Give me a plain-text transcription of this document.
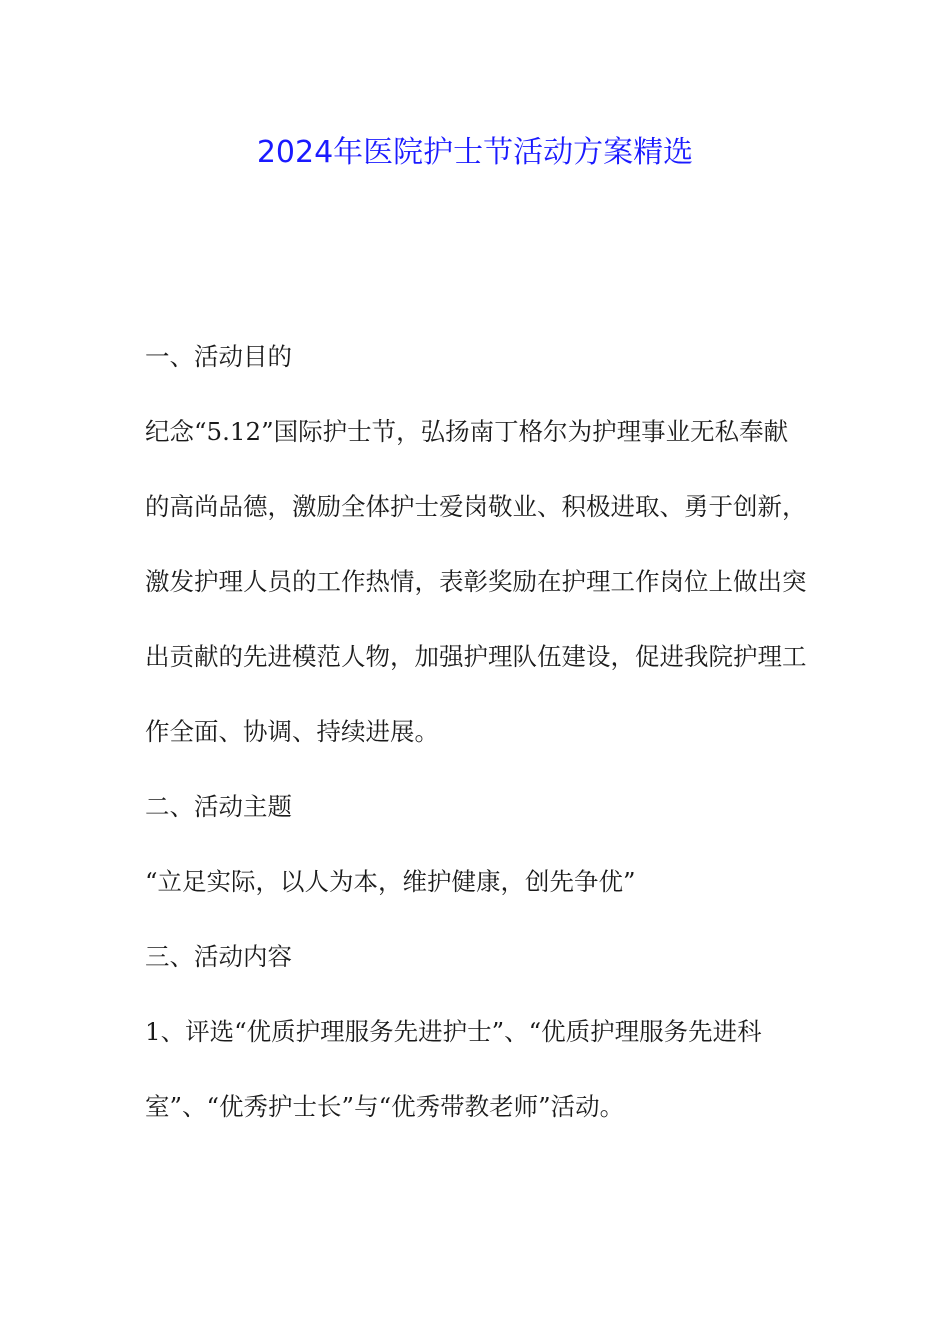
2024年医院护士节活动方案精选
一、活动目的
纪念“5.12”国际护士节，弘扬南丁格尔为护理事业无私奉献
的高尚品德，激励全体护士爱岗敬业、积极进取、勇于创新，
激发护理人员的工作热情，表彰奖励在护理工作岗位上做出突
出贡献的先进模范人物，加强护理队伍建设，促进我院护理工
作全面、协调、持续进展。
二、活动主题
“立足实际，以人为本，维护健康，创先争优”
三、活动内容
1、评选“优质护理服务先进护士”、“优质护理服务先进科
室”、“优秀护士长”与“优秀带教老师”活动。
